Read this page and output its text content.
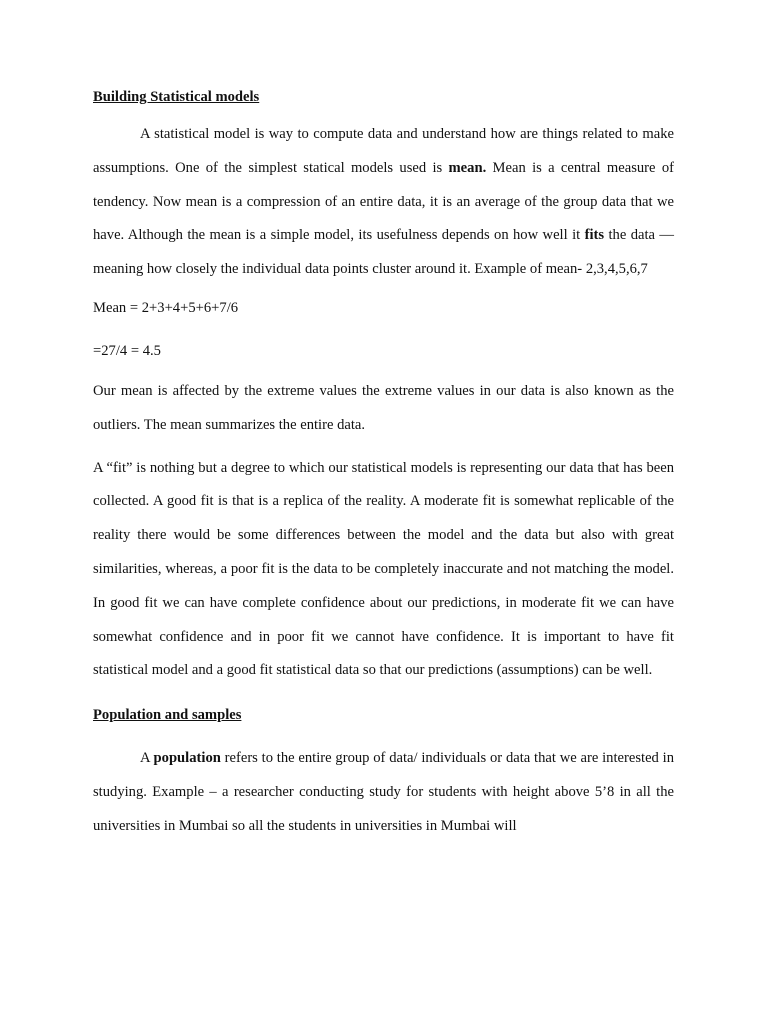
Building Statistical models

A statistical model is way to compute data and understand how are things related to make assumptions. One of the simplest statical models used is mean. Mean is a central measure of tendency. Now mean is a compression of an entire data, it is an average of the group data that we have. Although the mean is a simple model, its usefulness depends on how well it fits the data — meaning how closely the individual data points cluster around it. Example of mean- 2,3,4,5,6,7

Mean = 2+3+4+5+6+7/6

=27/4 = 4.5

Our mean is affected by the extreme values the extreme values in our data is also known as the outliers. The mean summarizes the entire data.

A “fit” is nothing but a degree to which our statistical models is representing our data that has been collected. A good fit is that is a replica of the reality. A moderate fit is somewhat replicable of the reality there would be some differences between the model and the data but also with great similarities, whereas, a poor fit is the data to be completely inaccurate and not matching the model. In good fit we can have complete confidence about our predictions, in moderate fit we can have somewhat confidence and in poor fit we cannot have confidence. It is important to have fit statistical model and a good fit statistical data so that our predictions (assumptions) can be well.

Population and samples

A population refers to the entire group of data/ individuals or data that we are interested in studying. Example – a researcher conducting study for students with height above 5’8 in all the universities in Mumbai so all the students in universities in Mumbai will
